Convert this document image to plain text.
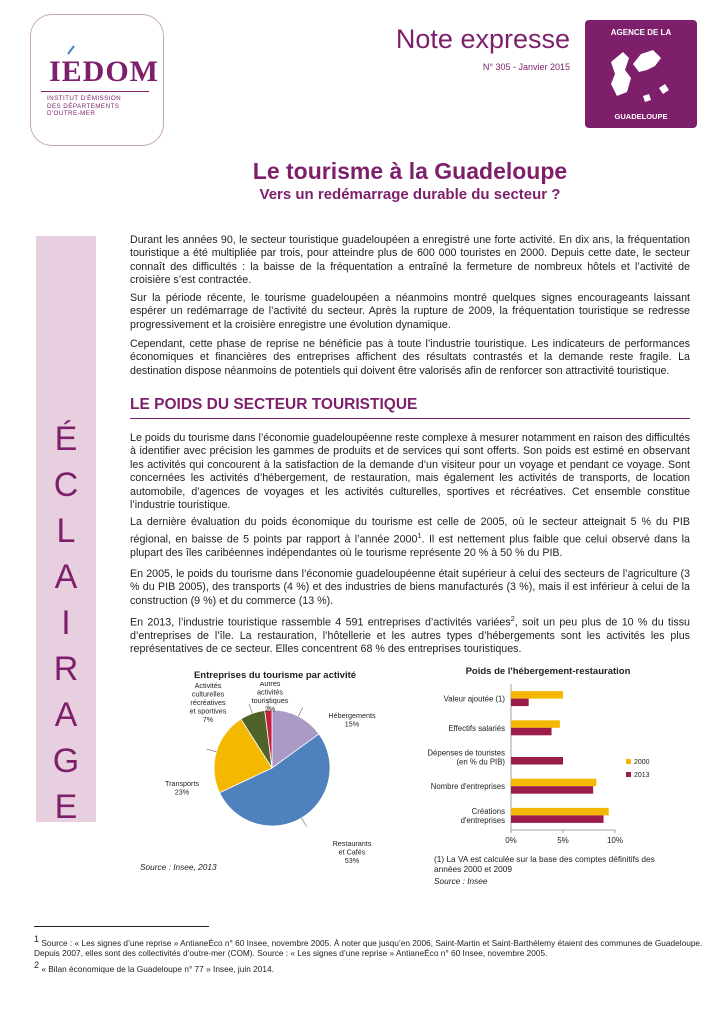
IEDOM
INSTITUT D'ÉMISSION
DES DÉPARTEMENTS
D'OUTRE-MER
Note expresse
N° 305 - Janvier 2015
AGENCE DE LA
GUADELOUPE
Le tourisme à la Guadeloupe
Vers un redémarrage durable du secteur ?
É
C
L
A
I
R
A
G
E
Durant les années 90, le secteur touristique guadeloupéen a enregistré une forte activité. En dix ans, la fréquentation touristique a été multipliée par trois, pour atteindre plus de 600 000 touristes en 2000. Depuis cette date, le secteur connaît des difficultés : la baisse de la fréquentation a entraîné la fermeture de nombreux hôtels et l’activité de croisière s’est contractée.
Sur la période récente, le tourisme guadeloupéen a néanmoins montré quelques signes encourageants laissant espérer un redémarrage de l’activité du secteur. Après la rupture de 2009, la fréquentation touristique se redresse progressivement et la croisière enregistre une évolution dynamique.
Cependant, cette phase de reprise ne bénéficie pas à toute l’industrie touristique. Les indicateurs de performances économiques et financières des entreprises affichent des résultats contrastés et la demande reste fragile. La destination dispose néanmoins de potentiels qui doivent être valorisés afin de renforcer son attractivité touristique.
LE POIDS DU SECTEUR TOURISTIQUE
Le poids du tourisme dans l’économie guadeloupéenne reste complexe à mesurer notamment en raison des difficultés à identifier avec précision les gammes de produits et de services qui sont offerts. Son poids est estimé en observant les activités qui concourent à la satisfaction de la demande d’un visiteur pour un voyage et pendant ce voyage. Sont concernées les activités d’hébergement, de restauration, mais également les activités de transports, de location automobile, d’agences de voyages et les activités culturelles, sportives et récréatives. Cet ensemble constitue l’industrie touristique.
La dernière évaluation du poids économique du tourisme est celle de 2005, où le secteur atteignait 5 % du PIB régional, en baisse de 5 points par rapport à l’année 2000$^1$. Il est nettement plus faible que celui observé dans la plupart des îles caribéennes indépendantes où le tourisme représente 20 % à 50 % du PIB.
En 2005, le poids du tourisme dans l’économie guadeloupéenne était supérieur à celui des secteurs de l’agriculture (3 % du PIB 2005), des transports (4 %) et des industries de biens manufacturés (3 %), mais il est inférieur à celui de la construction (9 %) et du commerce (13 %).
En 2013, l’industrie touristique rassemble 4 591 entreprises d’activités variées$^2$, soit un peu plus de 10 % du tissu d’entreprises de l’île. La restauration, l’hôtellerie et les autres types d’hébergements sont les activités les plus représentatives de ce secteur. Elles concentrent 68 % des entreprises touristiques.
Entreprises du tourisme par activité
Hébergements 15%
Restaurants et Cafés 53%
Transports 23%
Activités culturelles récréatives et sportives 7%
Autres activités touristiques 2%
Source : Insee, 2013
Poids de l'hébergement-restauration
0%	5%	10%
Valeur ajoutée (1)
Effectifs salariés
Dépenses de touristes (en % du PIB)
Nombre d'entreprises
Créations d'entreprises
2000
2013
(1) La VA est calculée sur la base des comptes définitifs des années 2000 et 2009
Source : Insee
$^1$ Source : « Les signes d’une reprise » AntianeÉco n° 60 Insee, novembre 2005. À noter que jusqu’en 2006, Saint-Martin et Saint-Barthélemy étaient des communes de Guadeloupe. Depuis 2007, elles sont des collectivités d’outre-mer (COM). Source : « Les signes d’une reprise » AntianeÉco n° 60 Insee, novembre 2005.
$^2$ « Bilan économique de la Guadeloupe n° 77 » Insee, juin 2014.
